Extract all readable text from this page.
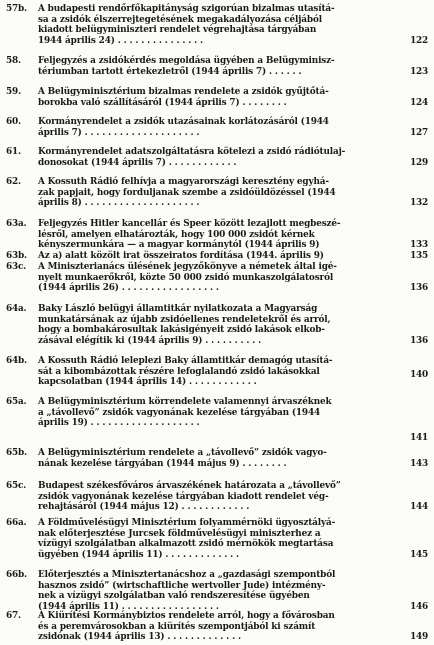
57b.	A budapesti rendőrfőkapitányság szigorúan bizalmas utasítá-
sa a zsidók élszerrejtegetésének megakadályozása céljából
kiadott belügyminiszteri rendelet végrehajtása tárgyában
1944 április 24) . . . . . . . . . . . . . . .	122
58.	Feljegyzés a zsidókérdés megoldása ügyében a Belügyminisz-
tériumban tartott értekezletről (1944 április 7) . . . . . .	123
59.	A Belügyminisztérium bizalmas rendelete a zsidók gyűjtőtá-
borokba való szállításáról (1944 április 7) . . . . . . . .	124
60.	Kormányrendelet a zsidók utazásainak korlátozásáról (1944
április 7) . . . . . . . . . . . . . . . . . . . .	127
61.	Kormányrendelet adatszolgáltatásra kötelezi a zsidó rádiótulaj-
donosokat (1944 április 7) . . . . . . . . . . . .	129
62.	A Kossuth Rádió felhívja a magyarországi keresztény egyhá-
zak papjait, hogy forduljanak szembe a zsidóüldözéssel (1944
április 8) . . . . . . . . . . . . . . . . . . . .	132
63a.	Feljegyzés Hitler kancellár és Speer között lezajlott megbeszé-
lésről, amelyen elhatározták, hogy 100 000 zsidót kérnek
kényszermunkára — a magyar kormánytól (1944 április 9)	133
63b.	Az a) alatt közölt irat összeiratos fordítása (1944. április 9)	135
63c.	A Miniszterianács ülésének jegyzőkönyve a németek által igé-
nyelt munkaerőkről, közte 50 000 zsidó munkaszolgálatosról
(1944 április 26) . . . . . . . . . . . . . . . . .	136
64a.	Baky László belügyi államtitkár nyilatkozata a Magyarság
munkatársának az újabb zsidóellenes rendeletekről és arról,
hogy a bombakárosultak lakásigényeit zsidó lakások elkob-
zásával elégítik ki (1944 április 9) . . . . . . . . . .	136
64b.	A Kossuth Rádió leleplezi Baky államtitkár demagóg utasítá-
sát a kibombázottak részére lefoglalandó zsidó lakásokkal
kapcsolatban (1944 április 14) . . . . . . . . . . . .
140
65a.	A Belügyminisztérium körrendelete valamennyi árvaszéknek
a „távollevő” zsidók vagyonának kezelése tárgyában (1944
április 19) . . . . . . . . . . . . . . . . . . .
141
65b.	A Belügyminisztérium rendelete a „távollevő” zsidók vagyo-
nának kezelése tárgyában (1944 május 9) . . . . . . . .	143
65c.	Budapest székesfőváros árvaszékének határozata a „távollevő”
zsidók vagyonának kezelése tárgyában kiadott rendelet vég-
rehajtásáról (1944 május 12) . . . . . . . . . . . .	144
66a.	A Földművelésügyi Minisztérium folyammérnöki ügyosztályá-
nak előterjesztése Jurcsek földművelésügyi miniszterhez a
vízügyi szolgálatban alkalmazott zsidó mérnökök megtartása
ügyében (1944 április 11) . . . . . . . . . . . . .	145
66b.	Előterjesztés a Minisztertanácshoz a „gazdasági szempontból
hasznos zsidó” (wirtschaftliche wertvoller Jude) intézmény-
nek a vízügyi szolgálatban való rendszeresítése ügyében
(1944 április 11) . . . . . . . . . . . . . . . . .	146
67.	A Kiürítési Kormánybiztos rendelete arról, hogy a fővárosban
és a peremvárosokban a kiürítés szempontjából ki számít
zsidónak (1944 április 13) . . . . . . . . . . . . .	149
